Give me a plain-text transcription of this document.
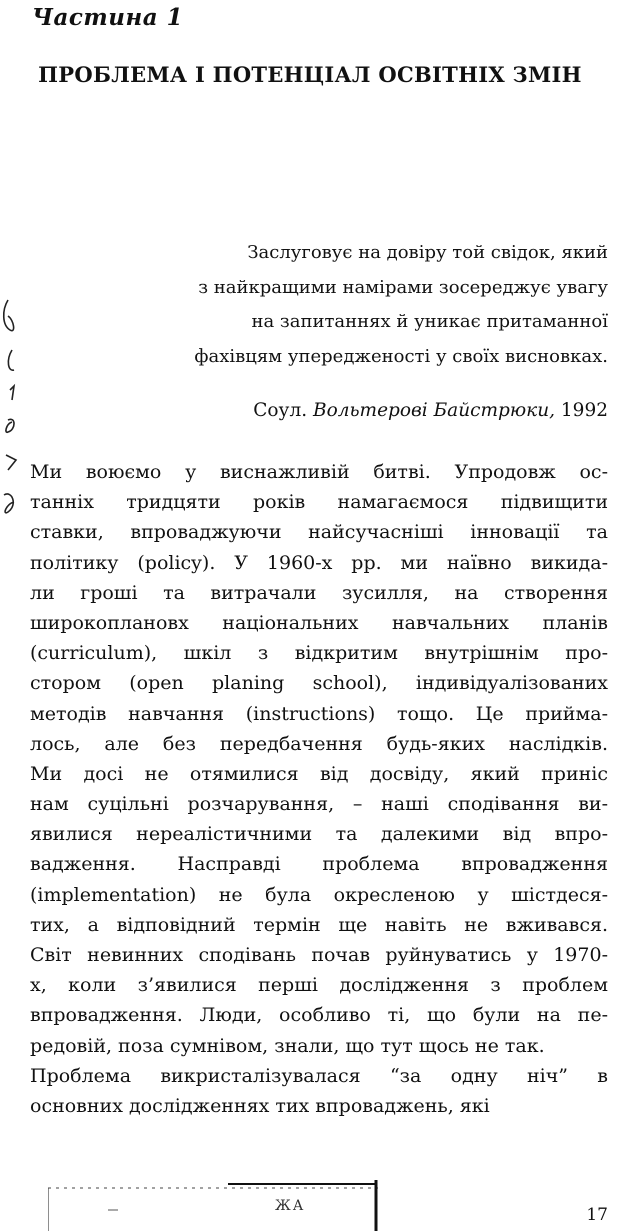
Частина 1
ПРОБЛЕМА І ПОТЕНЦІАЛ ОСВІТНІХ ЗМІН
Заслуговує на довіру той свідок, який
з найкращими намірами зосереджує увагу
на запитаннях й уникає притаманної
фахівцям упередженості у своїх висновках.
Соул. Вольтерові Байстрюки, 1992
Ми воюємо у виснажливій битві. Упродовж ос-
танніх тридцяти років намагаємося підвищити
ставки, впроваджуючи найсучасніші інновації та
політику (policy). У 1960-х рр. ми наївно викида-
ли гроші та витрачали зусилля, на створення
широкоплановх національних навчальних планів
(curriculum), шкіл з відкритим внутрішнім про-
стором (open planing school), індивідуалізованих
методів навчання (instructions) тощо. Це прийма-
лось, але без передбачення будь-яких наслідків.
Ми досі не отямилися від досвіду, який приніс
нам суцільні розчарування, – наші сподівання ви-
явилися нереалістичними та далекими від впро-
вадження. Насправді проблема впровадження
(implementation) не була окресленою у шістдеся-
тих, а відповідний термін ще навіть не вживався.
Світ невинних сподівань почав руйнуватись у 1970-
х, коли з’явилися перші дослідження з проблем
впровадження. Люди, особливо ті, що були на пе-
редовій, поза сумнівом, знали, що тут щось не так.
Проблема викристалізувалася “за одну ніч” в
основних дослідженнях тих впроваджень, які
ЖА	17
